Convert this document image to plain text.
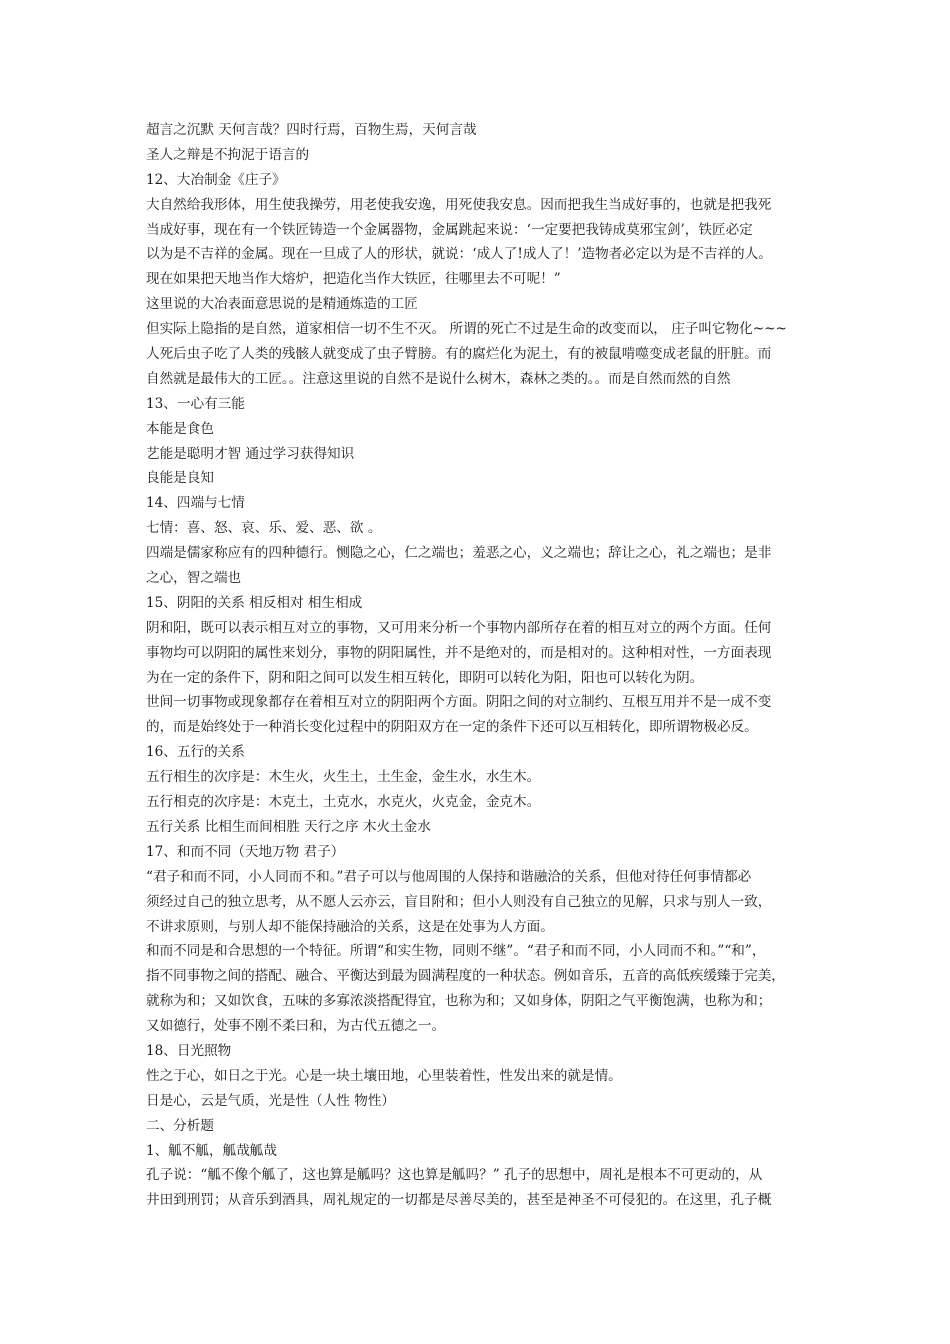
超言之沉默 天何言哉？四时行焉，百物生焉，天何言哉
圣人之辩是不拘泥于语言的
12、大冶制金《庄子》
大自然给我形体，用生使我操劳，用老使我安逸，用死使我安息。因而把我生当成好事的，也就是把我死
当成好事，现在有一个铁匠铸造一个金属器物，金属跳起来说：‘一定要把我铸成莫邪宝剑’，铁匠必定
以为是不吉祥的金属。现在一旦成了人的形状，就说：‘成人了!成人了！’造物者必定以为是不吉祥的人。
现在如果把天地当作大熔炉，把造化当作大铁匠，往哪里去不可呢！”
这里说的大冶表面意思说的是精通炼造的工匠
但实际上隐指的是自然，道家相信一切不生不灭。 所谓的死亡不过是生命的改变而以， 庄子叫它物化~~~
人死后虫子吃了人类的残骸人就变成了虫子臂膀。有的腐烂化为泥土，有的被鼠啃噬变成老鼠的肝脏。而
自然就是最伟大的工匠。。注意这里说的自然不是说什么树木，森林之类的。。而是自然而然的自然
13、一心有三能
本能是食色
艺能是聪明才智 通过学习获得知识
良能是良知
14、四端与七情
七情：喜、怒、哀、乐、爱、恶、欲 。
四端是儒家称应有的四种德行。恻隐之心，仁之端也；羞恶之心，义之端也；辞让之心，礼之端也；是非
之心，智之端也
15、阴阳的关系 相反相对 相生相成
阴和阳，既可以表示相互对立的事物，又可用来分析一个事物内部所存在着的相互对立的两个方面。任何
事物均可以阴阳的属性来划分，事物的阴阳属性，并不是绝对的，而是相对的。这种相对性，一方面表现
为在一定的条件下，阴和阳之间可以发生相互转化，即阴可以转化为阳，阳也可以转化为阴。
世间一切事物或现象都存在着相互对立的阴阳两个方面。阴阳之间的对立制约、互根互用并不是一成不变
的，而是始终处于一种消长变化过程中的阴阳双方在一定的条件下还可以互相转化，即所谓物极必反。
16、五行的关系
五行相生的次序是：木生火，火生土，土生金，金生水，水生木。
五行相克的次序是：木克土，土克水，水克火，火克金，金克木。
五行关系 比相生而间相胜 天行之序 木火土金水
17、和而不同（天地万物 君子）
“君子和而不同，小人同而不和。”君子可以与他周围的人保持和谐融洽的关系，但他对待任何事情都必
须经过自己的独立思考，从不愿人云亦云，盲目附和；但小人则没有自己独立的见解，只求与别人一致，
不讲求原则，与别人却不能保持融洽的关系，这是在处事为人方面。
和而不同是和合思想的一个特征。所谓“和实生物，同则不继”。“君子和而不同，小人同而不和。”“和”，
指不同事物之间的搭配、融合、平衡达到最为圆满程度的一种状态。例如音乐，五音的高低疾缓臻于完美，
就称为和；又如饮食，五味的多寡浓淡搭配得宜，也称为和；又如身体，阴阳之气平衡饱满，也称为和；
又如德行，处事不刚不柔曰和，为古代五德之一。
18、日光照物
性之于心，如日之于光。心是一块土壤田地，心里装着性，性发出来的就是情。
日是心，云是气质，光是性（人性 物性）
二、分析题
1、觚不觚，觚哉觚哉
孔子说：“觚不像个觚了，这也算是觚吗？这也算是觚吗？” 孔子的思想中，周礼是根本不可更动的，从
井田到刑罚；从音乐到酒具，周礼规定的一切都是尽善尽美的，甚至是神圣不可侵犯的。在这里，孔子概
